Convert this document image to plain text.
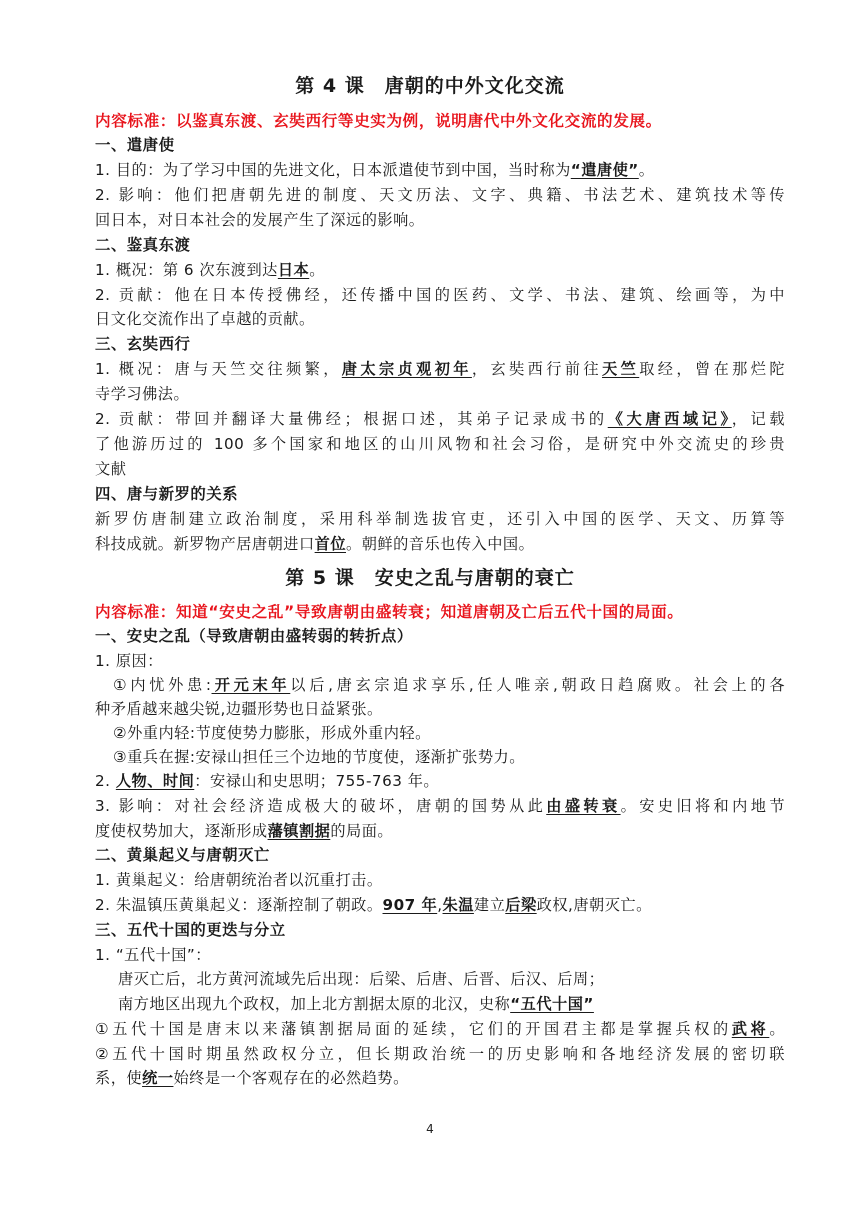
第 4 课　唐朝的中外文化交流
内容标准：以鉴真东渡、玄奘西行等史实为例，说明唐代中外文化交流的发展。
一、遣唐使
1. 目的：为了学习中国的先进文化，日本派遣使节到中国，当时称为“遣唐使”。
2. 影响：他们把唐朝先进的制度、天文历法、文字、典籍、书法艺术、建筑技术等传
回日本，对日本社会的发展产生了深远的影响。
二、鉴真东渡
1. 概况：第 6 次东渡到达日本。
2. 贡献：他在日本传授佛经，还传播中国的医药、文学、书法、建筑、绘画等，为中
日文化交流作出了卓越的贡献。
三、玄奘西行
1. 概况：唐与天竺交往频繁，唐太宗贞观初年，玄奘西行前往天竺取经，曾在那烂陀
寺学习佛法。
2. 贡献：带回并翻译大量佛经；根据口述，其弟子记录成书的《大唐西域记》，记载
了他游历过的 100 多个国家和地区的山川风物和社会习俗，是研究中外交流史的珍贵
文献
四、唐与新罗的关系
新罗仿唐制建立政治制度，采用科举制选拔官吏，还引入中国的医学、天文、历算等
科技成就。新罗物产居唐朝进口首位。朝鲜的音乐也传入中国。
第 5 课　安史之乱与唐朝的衰亡
内容标准：知道“安史之乱”导致唐朝由盛转衰；知道唐朝及亡后五代十国的局面。
一、安史之乱（导致唐朝由盛转弱的转折点）
1. 原因：
①内忧外患:开元末年以后,唐玄宗追求享乐,任人唯亲,朝政日趋腐败。社会上的各
种矛盾越来越尖锐,边疆形势也日益紧张。
②外重内轻:节度使势力膨胀，形成外重内轻。
③重兵在握:安禄山担任三个边地的节度使，逐渐扩张势力。
2. 人物、时间：安禄山和史思明；755-763 年。
3. 影响：对社会经济造成极大的破坏，唐朝的国势从此由盛转衰。安史旧将和内地节
度使权势加大，逐渐形成藩镇割据的局面。
二、黄巢起义与唐朝灭亡
1. 黄巢起义：给唐朝统治者以沉重打击。
2. 朱温镇压黄巢起义：逐渐控制了朝政。907 年,朱温建立后梁政权,唐朝灭亡。
三、五代十国的更迭与分立
1. “五代十国”：
唐灭亡后，北方黄河流域先后出现：后梁、后唐、后晋、后汉、后周；
南方地区出现九个政权，加上北方割据太原的北汉，史称“五代十国”
①五代十国是唐末以来藩镇割据局面的延续，它们的开国君主都是掌握兵权的武将。
②五代十国时期虽然政权分立，但长期政治统一的历史影响和各地经济发展的密切联
系，使统一始终是一个客观存在的必然趋势。
4
